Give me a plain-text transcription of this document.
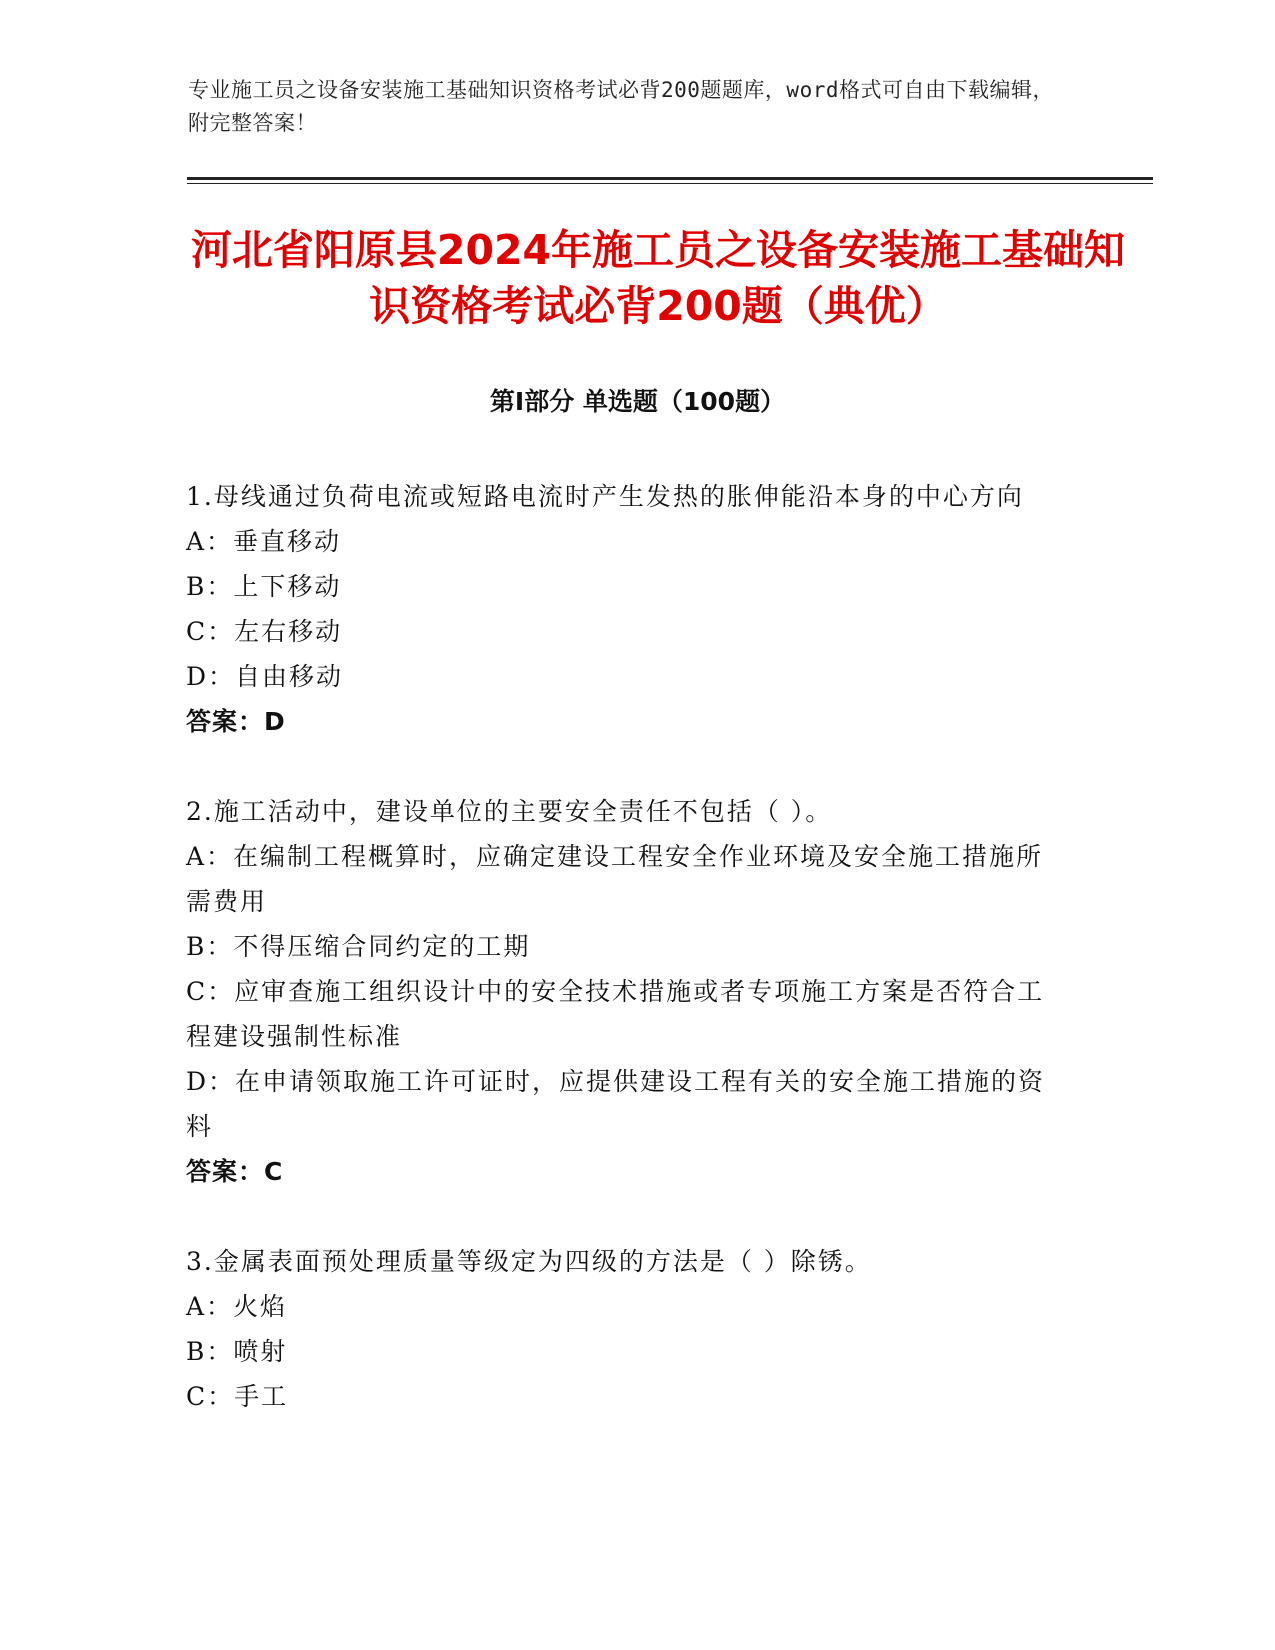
专业施工员之设备安装施工基础知识资格考试必背200题题库，word格式可自由下载编辑，附完整答案！
河北省阳原县2024年施工员之设备安装施工基础知识资格考试必背200题（典优）
第Ⅰ部分 单选题（100题）

1.母线通过负荷电流或短路电流时产生发热的胀伸能沿本身的中心方向

A：垂直移动

B：上下移动

C：左右移动

D：自由移动

答案：D

2.施工活动中，建设单位的主要安全责任不包括（ ）。

A：在编制工程概算时，应确定建设工程安全作业环境及安全施工措施所需费用

B：不得压缩合同约定的工期

C：应审查施工组织设计中的安全技术措施或者专项施工方案是否符合工程建设强制性标准

D：在申请领取施工许可证时，应提供建设工程有关的安全施工措施的资料

答案：C

3.金属表面预处理质量等级定为四级的方法是（ ）除锈。

A：火焰

B：喷射

C：手工
